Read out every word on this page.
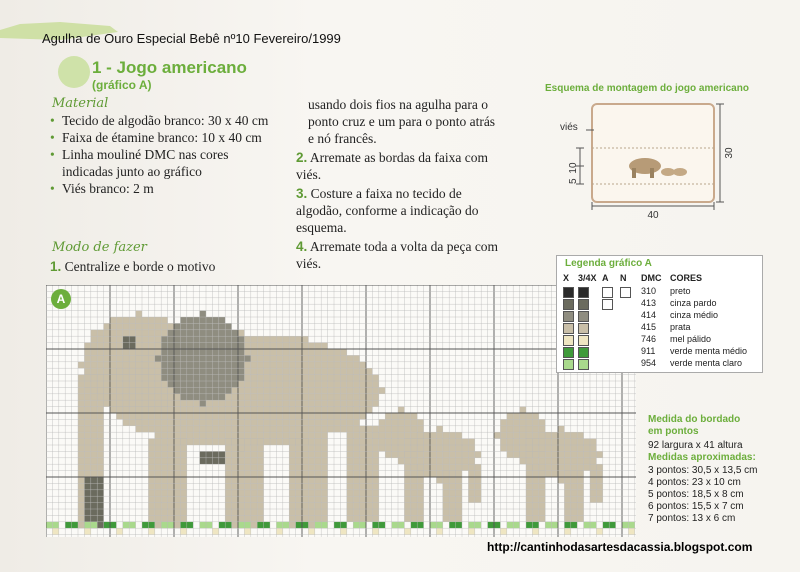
Agulha de Ouro Especial Bebê nº10 Fevereiro/1999
1 - Jogo americano
(gráfico A)
Material
• Tecido de algodão branco: 30 x 40 cm
• Faixa de étamine branco: 10 x 40 cm
• Linha mouliné DMC nas cores indicadas junto ao gráfico
• Viés branco: 2 m
Modo de fazer
1. Centralize e borde o motivo
usando dois fios na agulha para o ponto cruz e um para o ponto atrás e nó francês.
2. Arremate as bordas da faixa com viés.
3. Costure a faixa no tecido de algodão, conforme a indicação do esquema.
4. Arremate toda a volta da peça com viés.
Esquema de montagem do jogo americano
viés
10
5
30
40
A
Legenda gráfico A
X 3/4X A N DMC CORES
310 preto
413 cinza pardo
414 cinza médio
415 prata
746 mel pálido
911 verde menta médio
954 verde menta claro
Medida do bordado
em pontos
92 largura x 41 altura
Medidas aproximadas:
3 pontos: 30,5 x 13,5 cm
4 pontos: 23 x 10 cm
5 pontos: 18,5 x 8 cm
6 pontos: 15,5 x 7 cm
7 pontos: 13 x 6 cm
http://cantinhodasartesdacassia.blogspot.com
